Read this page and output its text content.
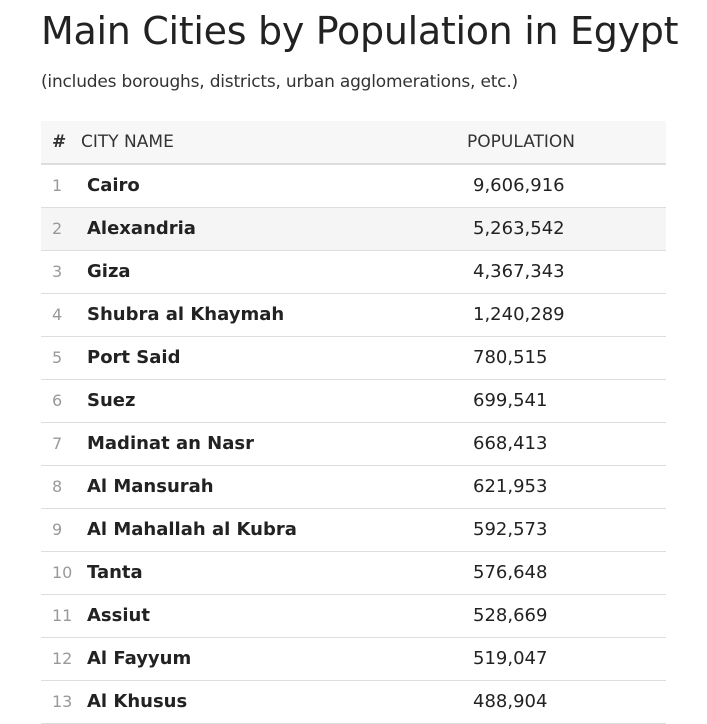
Main Cities by Population in Egypt

(includes boroughs, districts, urban agglomerations, etc.)

#	CITY NAME	POPULATION
1	Cairo	9,606,916
2	Alexandria	5,263,542
3	Giza	4,367,343
4	Shubra al Khaymah	1,240,289
5	Port Said	780,515
6	Suez	699,541
7	Madinat an Nasr	668,413
8	Al Mansurah	621,953
9	Al Mahallah al Kubra	592,573
10	Tanta	576,648
11	Assiut	528,669
12	Al Fayyum	519,047
13	Al Khusus	488,904
